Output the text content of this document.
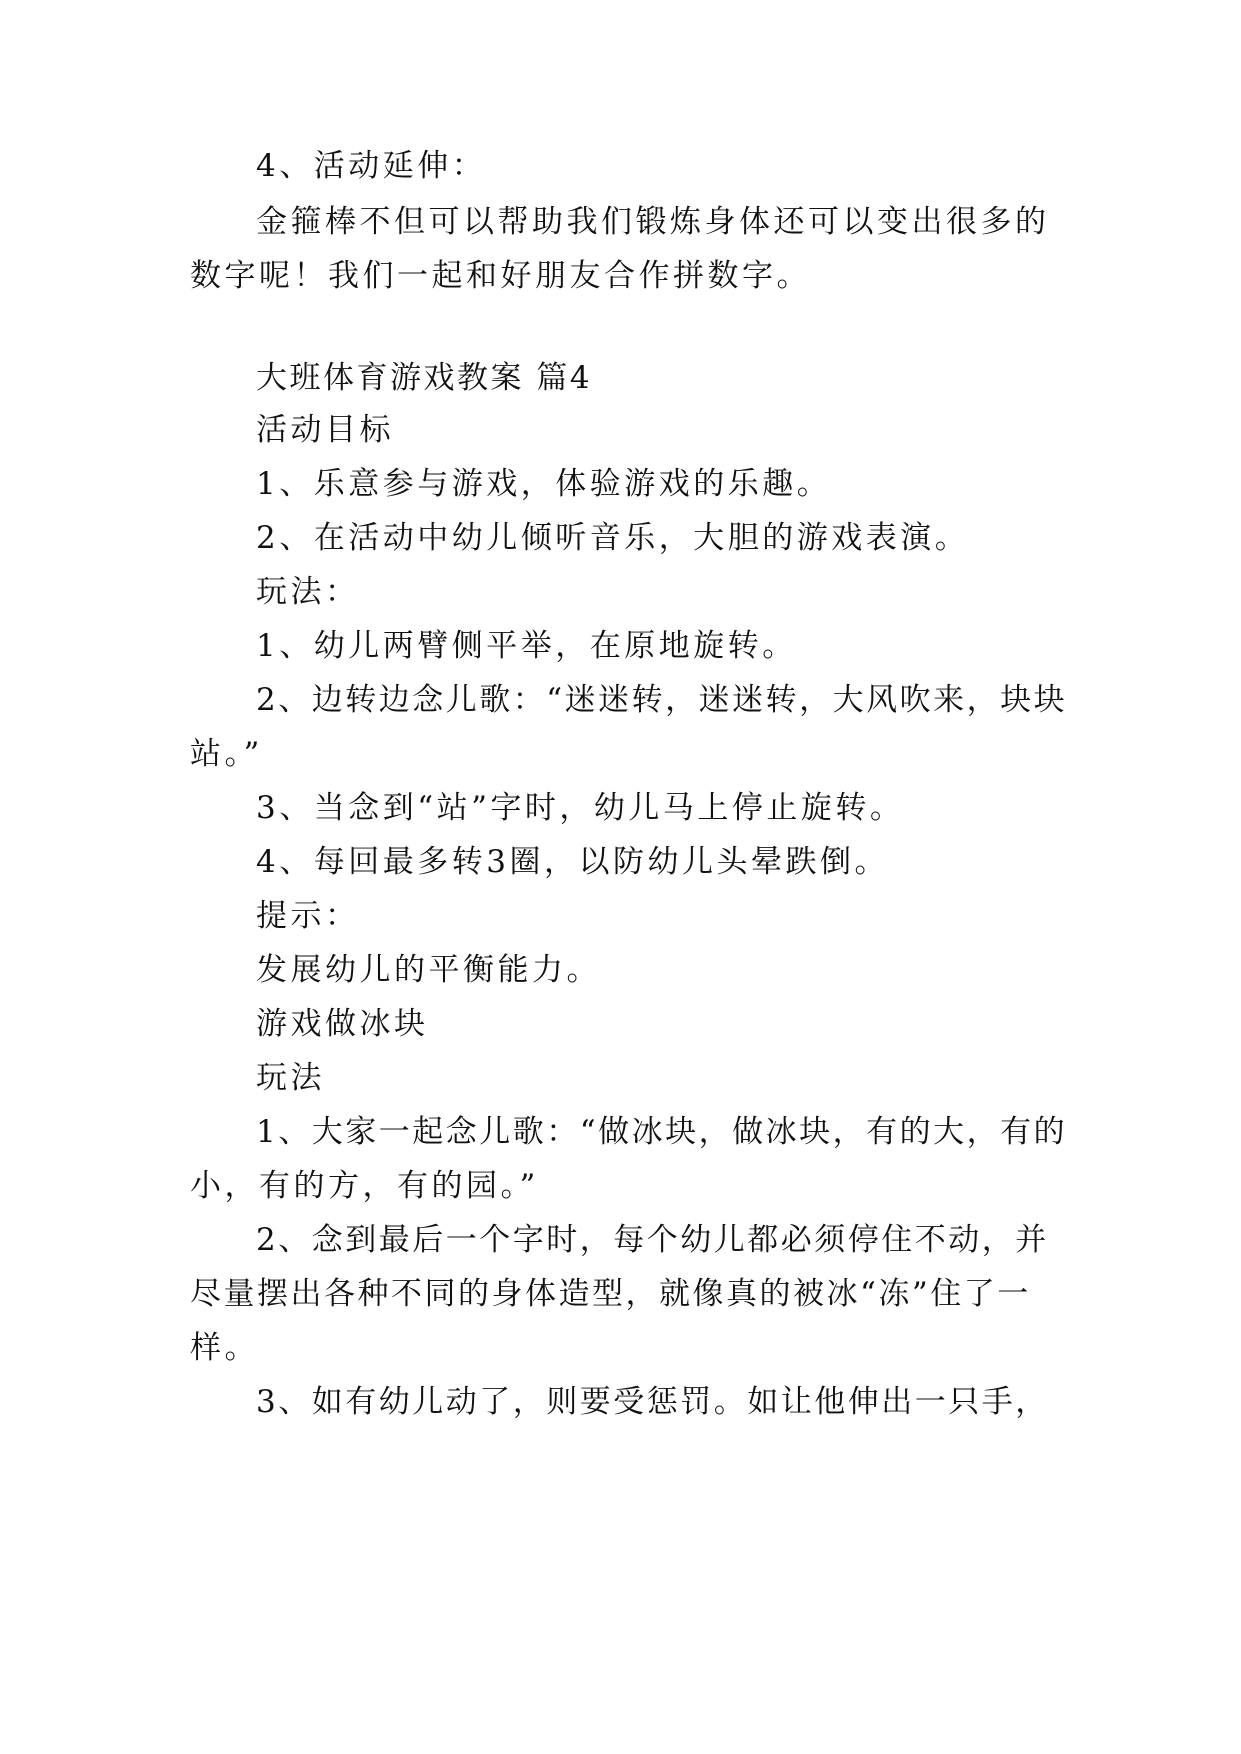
4、活动延伸：
金箍棒不但可以帮助我们锻炼身体还可以变出很多的
数字呢！我们一起和好朋友合作拼数字。
大班体育游戏教案 篇4
活动目标
1、乐意参与游戏，体验游戏的乐趣。
2、在活动中幼儿倾听音乐，大胆的游戏表演。
玩法：
1、幼儿两臂侧平举，在原地旋转。
2、边转边念儿歌：“迷迷转，迷迷转，大风吹来，块块
站。”
3、当念到“站”字时，幼儿马上停止旋转。
4、每回最多转3圈，以防幼儿头晕跌倒。
提示：
发展幼儿的平衡能力。
游戏做冰块
玩法
1、大家一起念儿歌：“做冰块，做冰块，有的大，有的
小，有的方，有的园。”
2、念到最后一个字时，每个幼儿都必须停住不动，并
尽量摆出各种不同的身体造型，就像真的被冰“冻”住了一
样。
3、如有幼儿动了，则要受惩罚。如让他伸出一只手，
